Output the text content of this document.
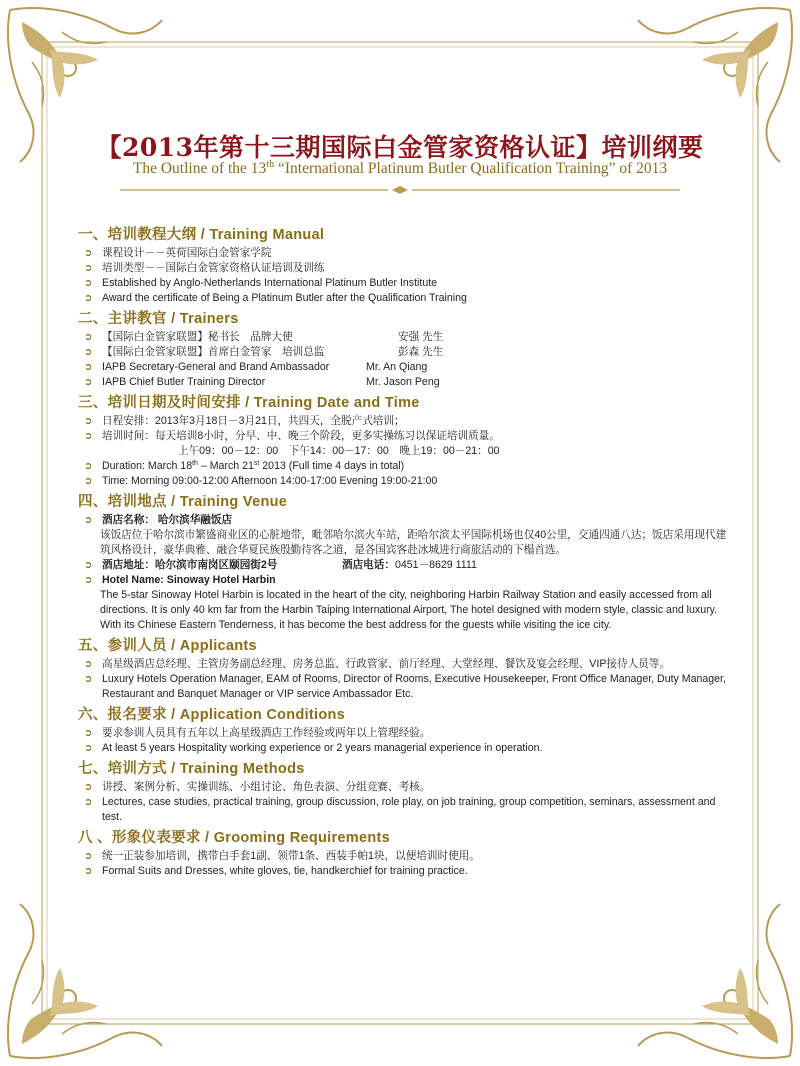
【2013年第十三期国际白金管家资格认证】培训纲要
The Outline of the 13th “International Platinum Butler Qualification Training” of 2013
一、培训教程大纲 / Training Manual
➲ 课程设计－－英荷国际白金管家学院
➲ 培训类型－－国际白金管家资格认证培训及训练
➲ Established by Anglo-Netherlands International Platinum Butler Institute
➲ Award the certificate of Being a Platinum Butler after the Qualification Training
二、主讲教官 / Trainers
➲ 【国际白金管家联盟】秘书长　品牌大使	安强 先生
➲ 【国际白金管家联盟】首席白金管家　培训总监	彭森 先生
➲ IAPB Secretary-General and Brand Ambassador	Mr. An Qiang
➲ IAPB Chief Butler Training Director	Mr. Jason Peng
三、培训日期及时间安排 / Training Date and Time
➲ 日程安排：2013年3月18日－3月21日，共四天，全脱产式培训；
➲ 培训时间：每天培训8小时，分早、中、晚三个阶段，更多实操练习以保证培训质量。
上午09：00－12：00　下午14：00－17：00　晚上19：00－21：00
➲ Duration: March 18th – March 21st 2013 (Full time 4 days in total)
➲ Time: Morning 09:00-12:00 Afternoon 14:00-17:00 Evening 19:00-21:00
四、培训地点 / Training Venue
➲ 酒店名称： 哈尔滨华融饭店
该饭店位于哈尔滨市繁盛商业区的心脏地带，毗邻哈尔滨火车站，距哈尔滨太平国际机场也仅40公里，交通四通八达；饭店采用现代建筑风格设计，豪华典雅、融合华夏民族殷勤待客之道，是各国宾客赴冰城进行商旅活动的下榻首选。
➲ 酒店地址：哈尔滨市南岗区颐园街2号	酒店电话：0451－8629 1111
➲ Hotel Name: Sinoway Hotel Harbin
The 5-star Sinoway Hotel Harbin is located in the heart of the city, neighboring Harbin Railway Station and easily accessed from all directions. It is only 40 km far from the Harbin Taiping International Airport, The hotel designed with modern style, classic and luxury. With its Chinese Eastern Tenderness, it has become the best address for the guests while visiting the ice city.
五、参训人员 / Applicants
➲ 高星级酒店总经理、主管房务副总经理、房务总监、行政管家、前厅经理、大堂经理、餐饮及宴会经理、VIP接待人员等。
➲ Luxury Hotels Operation Manager, EAM of Rooms, Director of Rooms, Executive Housekeeper, Front Office Manager, Duty Manager, Restaurant and Banquet Manager or VIP service Ambassador Etc.
六、报名要求 / Application Conditions
➲ 要求参训人员具有五年以上高星级酒店工作经验或两年以上管理经验。
➲ At least 5 years Hospitality working experience or 2 years managerial experience in operation.
七、培训方式 / Training Methods
➲ 讲授、案例分析、实操训练、小组讨论、角色表演、分组竞赛、考核。
➲ Lectures, case studies, practical training, group discussion, role play, on job training, group competition, seminars, assessment and test.
八 、形象仪表要求 / Grooming Requirements
➲ 统一正装参加培训，携带白手套1副、领带1条、西装手帕1块，以便培训时使用。
➲ Formal Suits and Dresses, white gloves, tie, handkerchief for training practice.
